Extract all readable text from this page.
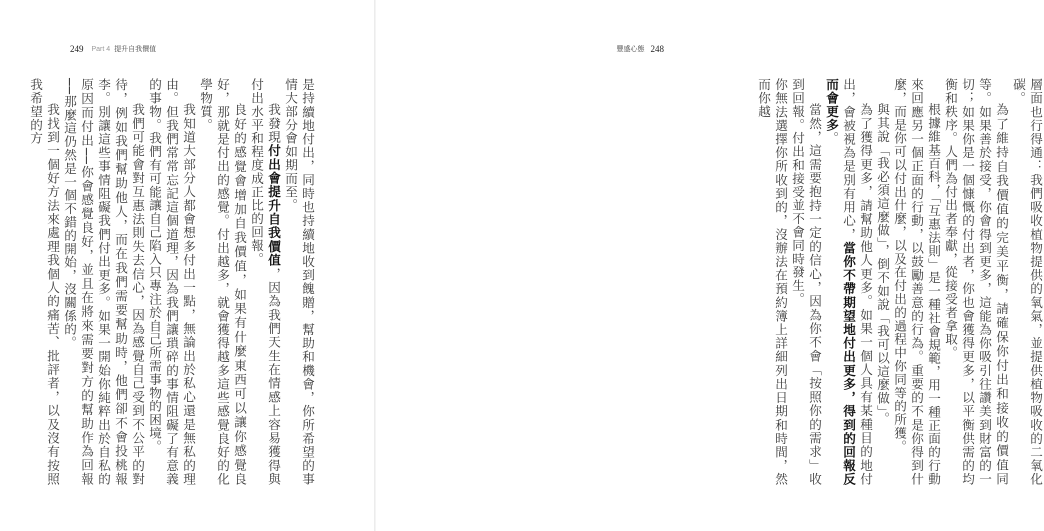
249 Part 4 提升自我價值

是持續地付出，同時也持續地收到餽贈，幫助和機會，你所希望的事情大部分會如期而至。

我發現付出會提升自我價值，因為我們天生在情感上容易獲得與付出水平和程度成正比的回報。

良好的感覺會增加自我價值，如果有什麼東西可以讓你感覺良好，那就是付出的感覺。付出越多，就會獲得越多這些感覺良好的化學物質。

我知道大部分人都會想多付出一點，無論出於私心還是無私的理由。但我們常常忘記這個道理，因為我們讓瑣碎的事情阻礙了有意義的事物。我們有可能讓自己陷入只專注於自己所需事物的困境。

我們可能會對互惠法則失去信心，因為感覺自己受到不公平的對待，例如我們幫助他人，而在我們需要幫助時，他們卻不會投桃報李。別讓這些事情阻礙我們付出更多。如果一開始你純粹出於自私的原因而付出──你會感覺良好，並且在將來需要對方的幫助作為回報──那麼這仍然是一個不錯的開始，沒關係的。

我找到一個好方法來處理我個人的痛苦、批評者，以及沒有按照我希望的方

豐盛心態 248

層面也行得通：我們吸收植物提供的氧氣，並提供植物吸收的二氧化碳。

為了維持自我價值的完美平衡，請確保你付出和接收的價值同等。如果善於接受，你會得到更多，這能為你吸引往讚美到財富的一切；如果你是一個慷慨的付出者，你也會獲得更多，以平衡供需的均衡和秩序。人們為付出者奉獻，從接受者拿取。

根據維基百科，「互惠法則」是一種社會規範，用一種正面的行動來回應另一個正面的行動，以鼓勵善意的行為。重要的不是你得到什麼，而是你可以付出什麼，以及在付出的過程中你同等的所獲。

與其說「我必須這麼做」，倒不如說「我可以這麼做」。

為了獲得更多，請幫助他人更多。如果一個人具有某種目的地付出，會被視為是別有用心，當你不帶期望地付出更多，得到的回報反而會更多。

當然，這需要抱持一定的信心，因為你不會「按照你的需求」收到回報。付出和接受並不會同時發生。

你無法選擇你所收到的，沒辦法在預約簿上詳細列出日期和時間，然而你越
